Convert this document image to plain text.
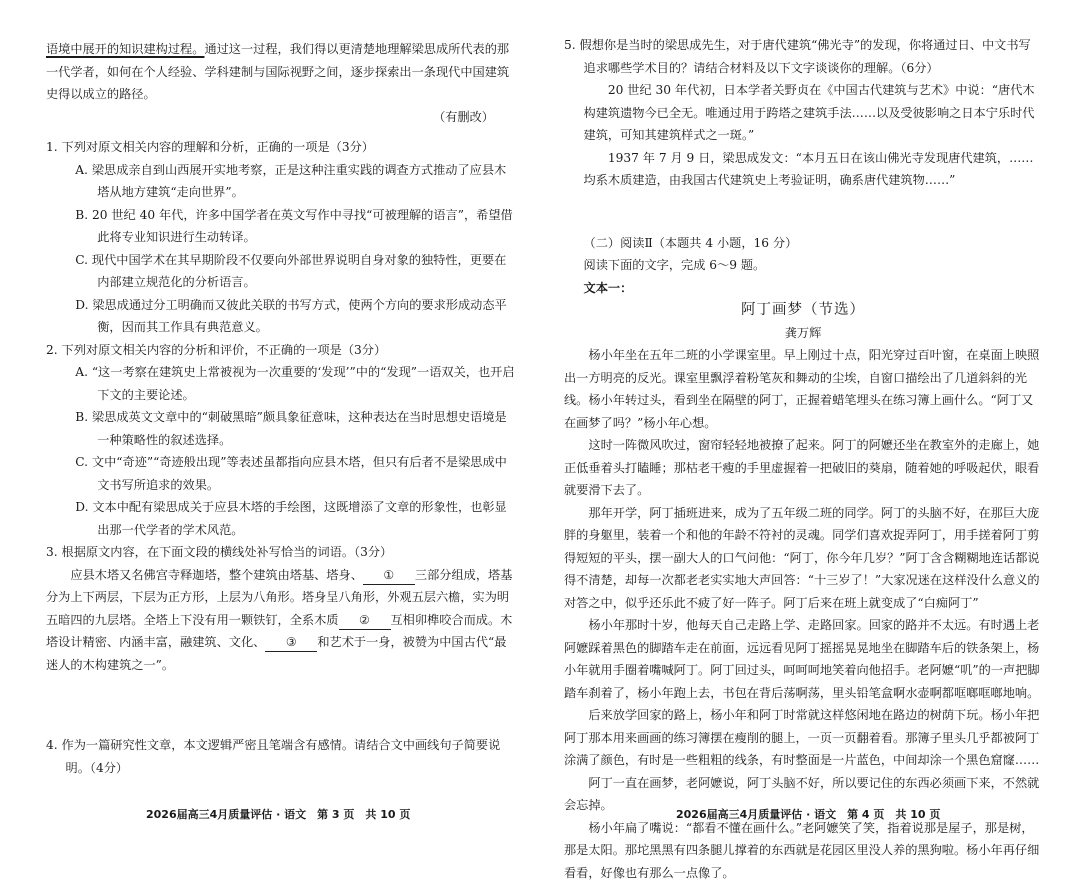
语境中展开的知识建构过程。通过这一过程，我们得以更清楚地理解梁思成所代表的那一代学者，如何在个人经验、学科建制与国际视野之间，逐步探索出一条现代中国建筑史得以成立的路径。

（有删改）

1. 下列对原文相关内容的理解和分析，正确的一项是（3分）

A. 梁思成亲自到山西展开实地考察，正是这种注重实践的调查方式推动了应县木塔从地方建筑“走向世界”。

B. 20 世纪 40 年代，许多中国学者在英文写作中寻找“可被理解的语言”，希望借此将专业知识进行生动转译。

C. 现代中国学术在其早期阶段不仅要向外部世界说明自身对象的独特性，更要在内部建立规范化的分析语言。

D. 梁思成通过分工明确而又彼此关联的书写方式，使两个方向的要求形成动态平衡，因而其工作具有典范意义。

2. 下列对原文相关内容的分析和评价，不正确的一项是（3分）

A. “这一考察在建筑史上常被视为一次重要的‘发现’”中的“发现”一语双关，也开启下文的主要论述。

B. 梁思成英文文章中的“刺破黑暗”颇具象征意味，这种表达在当时思想史语境是一种策略性的叙述选择。

C. 文中“奇迹”“奇迹般出现”等表述虽都指向应县木塔，但只有后者不是梁思成中文书写所追求的效果。

D. 文本中配有梁思成关于应县木塔的手绘图，这既增添了文章的形象性，也彰显出那一代学者的学术风范。

3. 根据原文内容，在下面文段的横线处补写恰当的词语。（3分）

应县木塔又名佛宫寺释迦塔，整个建筑由塔基、塔身、 ① 三部分组成，塔基分为上下两层，下层为正方形，上层为八角形。塔身呈八角形，外观五层六檐，实为明五暗四的九层塔。全塔上下没有用一颗铁钉，全系木质 ② 互相卯榫咬合而成。木塔设计精密、内涵丰富，融建筑、文化、 ③ 和艺术于一身，被赞为中国古代“最迷人的木构建筑之一”。

4. 作为一篇研究性文章，本文逻辑严密且笔端含有感情。请结合文中画线句子简要说明。（4分）

2026届高三4月质量评估 · 语文　第 3 页　共 10 页

5. 假想你是当时的梁思成先生，对于唐代建筑“佛光寺”的发现，你将通过日、中文书写追求哪些学术目的？请结合材料及以下文字谈谈你的理解。（6分）

20 世纪 30 年代初，日本学者关野贞在《中国古代建筑与艺术》中说：“唐代木构建筑遗物今已全无。唯通过用于跨塔之建筑手法……以及受彼影响之日本宁乐时代建筑，可知其建筑样式之一斑。”

1937 年 7 月 9 日，梁思成发文：“本月五日在该山佛光寺发现唐代建筑，……均系木质建造，由我国古代建筑史上考验证明，确系唐代建筑物……”

（二）阅读Ⅱ（本题共 4 小题，16 分）

阅读下面的文字，完成 6～9 题。

文本一：

阿丁画梦（节选）

龚万辉

杨小年坐在五年二班的小学课室里。早上刚过十点，阳光穿过百叶窗，在桌面上映照出一方明亮的反光。课室里飘浮着粉笔灰和舞动的尘埃，自窗口描绘出了几道斜斜的光线。杨小年转过头，看到坐在隔壁的阿丁，正握着蜡笔埋头在练习簿上画什么。“阿丁又在画梦了吗？”杨小年心想。

这时一阵微风吹过，窗帘轻轻地被撩了起来。阿丁的阿嬷还坐在教室外的走廊上，她正低垂着头打瞌睡；那枯老干瘦的手里虚握着一把破旧的葵扇，随着她的呼吸起伏，眼看就要滑下去了。

那年开学，阿丁插班进来，成为了五年级二班的同学。阿丁的头脑不好，在那巨大庞胖的身躯里，装着一个和他的年龄不符衬的灵魂。同学们喜欢捉弄阿丁，用手搓着阿丁剪得短短的平头，摆一副大人的口气问他：“阿丁，你今年几岁？”阿丁含含糊糊地连话都说得不清楚，却每一次都老老实实地大声回答：“十三岁了！”大家况迷在这样没什么意义的对答之中，似乎还乐此不疲了好一阵子。阿丁后来在班上就变成了“白痴阿丁”

杨小年那时十岁，他每天自己走路上学、走路回家。回家的路并不太远。有时遇上老阿嬷踩着黑色的脚踏车走在前面，远远看见阿丁摇摇晃晃地坐在脚踏车后的铁条架上，杨小年就用手圈着嘴喊阿丁。阿丁回过头，呵呵呵地笑着向他招手。老阿嬷“叽”的一声把脚踏车刹着了，杨小年跑上去，书包在背后荡啊荡，里头铅笔盒啊水壶啊都哐啷哐啷地响。

后来放学回家的路上，杨小年和阿丁时常就这样悠闲地在路边的树荫下玩。杨小年把阿丁那本用来画画的练习簿摆在瘦削的腿上，一页一页翻着看。那簿子里头几乎都被阿丁涂满了颜色，有时是一些粗粗的线条，有时整面是一片蓝色，中间却涂一个黑色窟窿……

阿丁一直在画梦，老阿嬷说，阿丁头脑不好，所以要记住的东西必须画下来，不然就会忘掉。

杨小年扁了嘴说：“都看不懂在画什么。”老阿嬷笑了笑，指着说那是屋子，那是树，那是太阳。那坨黑黑有四条腿儿撑着的东西就是花园区里没人养的黑狗啦。杨小年再仔细看看，好像也有那么一点像了。

2026届高三4月质量评估 · 语文　第 4 页　共 10 页
